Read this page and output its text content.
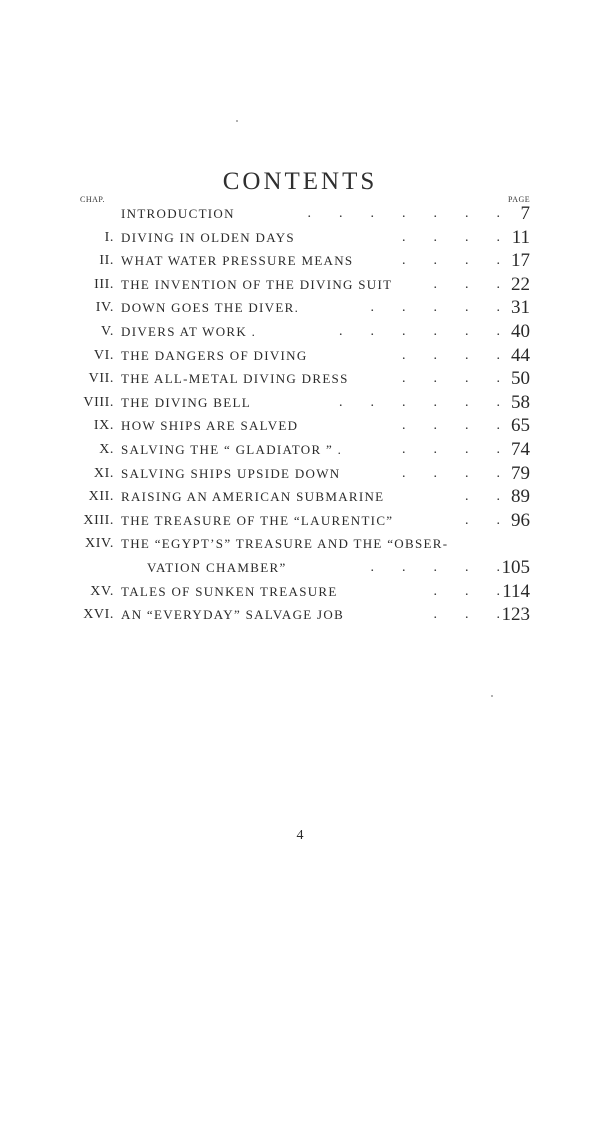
CONTENTS
CHAP.	PAGE
INTRODUCTION	.  .  .  .  .  .  . 7
I. DIVING IN OLDEN DAYS	.  .  .  . 11
II. WHAT WATER PRESSURE MEANS	.  .  .  . 17
III. THE INVENTION OF THE DIVING SUIT	.  .  . 22
IV. DOWN GOES THE DIVER.	.  .  .  .  . 31
V. DIVERS AT WORK .	.  .  .  .  .  . 40
VI. THE DANGERS OF DIVING	.  .  .  . 44
VII. THE ALL-METAL DIVING DRESS	.  .  .  . 50
VIII. THE DIVING BELL	.  .  .  .  .  . 58
IX. HOW SHIPS ARE SALVED	.  .  .  . 65
X. SALVING THE “ GLADIATOR ” .	.  .  .  . 74
XI. SALVING SHIPS UPSIDE DOWN	.  .  .  . 79
XII. RAISING AN AMERICAN SUBMARINE	.  . 89
XIII. THE TREASURE OF THE “LAURENTIC”	.  . 96
XIV. THE “EGYPT’S” TREASURE AND THE “OBSER-
VATION CHAMBER”	.  .  .  .  . 105
XV. TALES OF SUNKEN TREASURE	.  .  . 114
XVI. AN “EVERYDAY” SALVAGE JOB	.  .  . 123
4
